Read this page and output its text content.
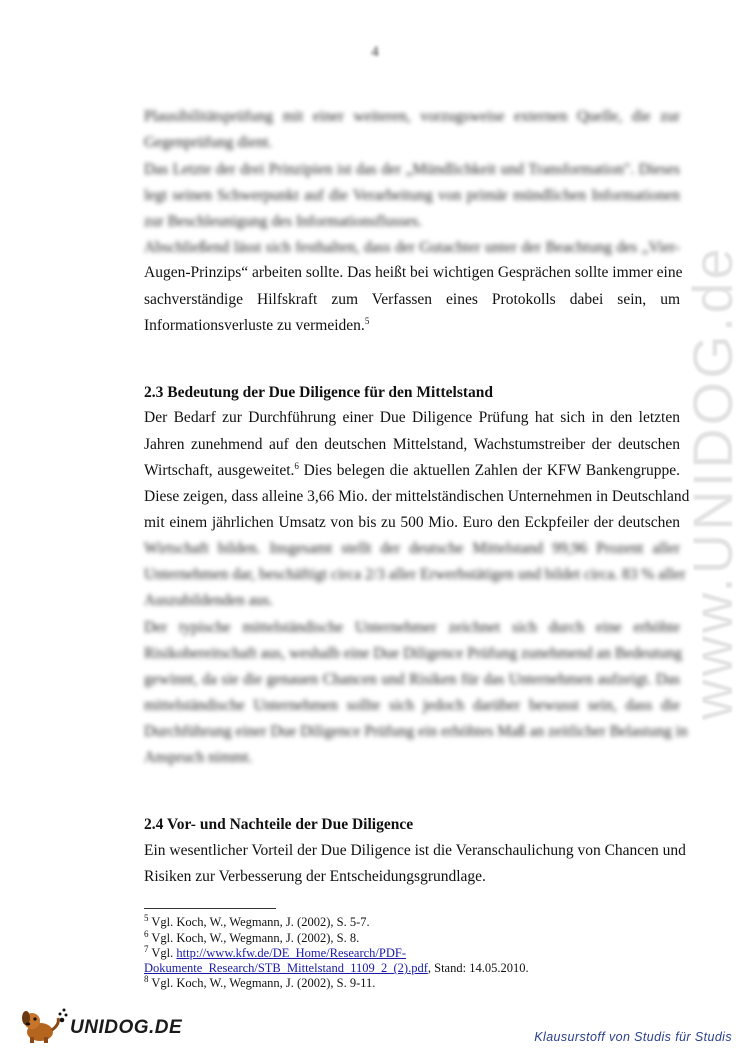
4
Plausibilitätsprüfung mit einer weiteren, vorzugsweise externen Quelle, die zur
Gegenprüfung dient.
Das Letzte der drei Prinzipien ist das der „Mündlichkeit und Transformation". Dieses
legt seinen Schwerpunkt auf die Verarbeitung von primär mündlichen Informationen
zur Beschleunigung des Informationsflusses.
Abschließend lässt sich festhalten, dass der Gutachter unter der Beachtung des „Vier-
Augen-Prinzips“ arbeiten sollte. Das heißt bei wichtigen Gesprächen sollte immer eine
sachverständige Hilfskraft zum Verfassen eines Protokolls dabei sein, um
Informationsverluste zu vermeiden.$^5$
2.3 Bedeutung der Due Diligence für den Mittelstand
Der Bedarf zur Durchführung einer Due Diligence Prüfung hat sich in den letzten
Jahren zunehmend auf den deutschen Mittelstand, Wachstumstreiber der deutschen
Wirtschaft, ausgeweitet.$^6$ Dies belegen die aktuellen Zahlen der KFW Bankengruppe.
Diese zeigen, dass alleine 3,66 Mio. der mittelständischen Unternehmen in Deutschland
mit einem jährlichen Umsatz von bis zu 500 Mio. Euro den Eckpfeiler der deutschen
Wirtschaft bilden. Insgesamt stellt der deutsche Mittelstand 99,96 Prozent aller
Unternehmen dar, beschäftigt circa 2/3 aller Erwerbstätigen und bildet circa. 83 % aller
Auszubildenden aus.
Der typische mittelständische Unternehmer zeichnet sich durch eine erhöhte
Risikobereitschaft aus, weshalb eine Due Diligence Prüfung zunehmend an Bedeutung
gewinnt, da sie die genauen Chancen und Risiken für das Unternehmen aufzeigt. Das
mittelständische Unternehmen sollte sich jedoch darüber bewusst sein, dass die
Durchführung einer Due Diligence Prüfung ein erhöhtes Maß an zeitlicher Belastung in
Anspruch nimmt.
2.4 Vor- und Nachteile der Due Diligence
Ein wesentlicher Vorteil der Due Diligence ist die Veranschaulichung von Chancen und
Risiken zur Verbesserung der Entscheidungsgrundlage.
$^5$ Vgl. Koch, W., Wegmann, J. (2002), S. 5-7.
$^6$ Vgl. Koch, W., Wegmann, J. (2002), S. 8.
$^7$ Vgl. http://www.kfw.de/DE_Home/Research/PDF-
Dokumente_Research/STB_Mittelstand_1109_2_(2).pdf, Stand: 14.05.2010.
$^8$ Vgl. Koch, W., Wegmann, J. (2002), S. 9-11.
www.UNIDOG.de
UNIDOG.DE	Klausurstoff von Studis für Studis
